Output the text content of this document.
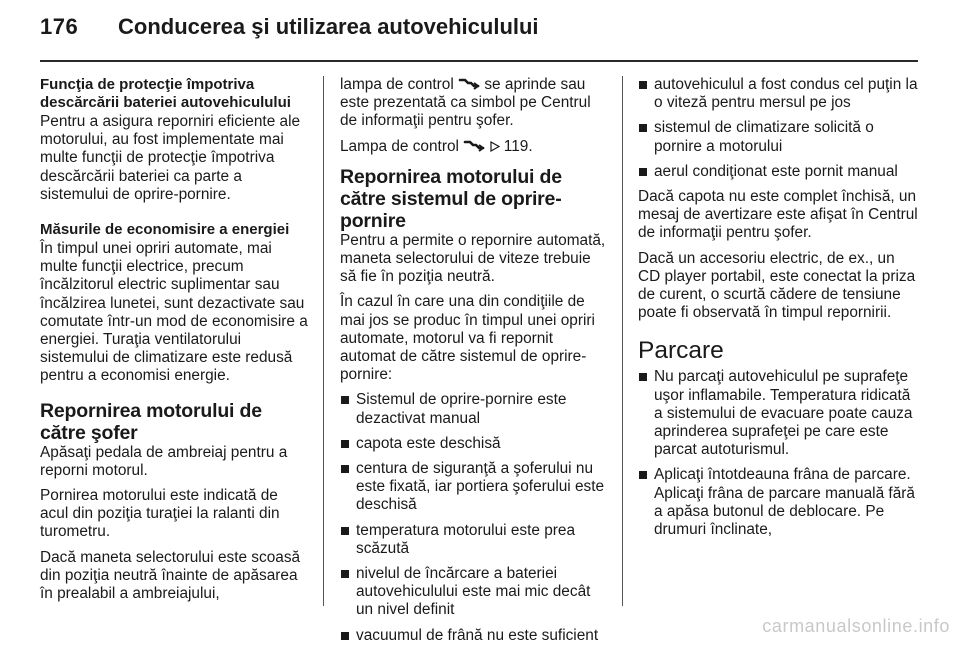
176 Conducerea şi utilizarea autovehiculului
Funcţia de protecţie împotriva descărcării bateriei autovehiculului

Pentru a asigura reporniri eficiente ale motorului, au fost implementate mai multe funcţii de protecţie împotriva descărcării bateriei ca parte a sistemului de oprire-pornire.

Măsurile de economisire a energiei

În timpul unei opriri automate, mai multe funcţii electrice, precum încălzitorul electric suplimentar sau încălzirea lunetei, sunt dezactivate sau comutate într-un mod de economisire a energiei. Turaţia ventilatorului sistemului de climatizare este redusă pentru a economisi energie.

Repornirea motorului de către şofer

Apăsaţi pedala de ambreiaj pentru a reporni motorul.

Pornirea motorului este indicată de acul din poziţia turaţiei la ralanti din turometru.

Dacă maneta selectorului este scoasă din poziţia neutră înainte de apăsarea în prealabil a ambreiajului,

lampa de control se aprinde sau este prezentată ca simbol pe Centrul de informaţii pentru şofer.

Lampa de control	119.

Repornirea motorului de către sistemul de oprire-pornire

Pentru a permite o repornire automată, maneta selectorului de viteze trebuie să fie în poziţia neutră.

În cazul în care una din condiţiile de mai jos se produc în timpul unei opriri automate, motorul va fi repornit automat de către sistemul de oprire-pornire:

Sistemul de oprire-pornire este dezactivat manual
capota este deschisă
centura de siguranţă a şoferului nu este fixată, iar portiera şoferului este deschisă
temperatura motorului este prea scăzută
nivelul de încărcare a bateriei autovehiculului este mai mic decât un nivel definit
vacuumul de frână nu este suficient
autovehiculul a fost condus cel puţin la o viteză pentru mersul pe jos
sistemul de climatizare solicită o pornire a motorului
aerul condiţionat este pornit manual

Dacă capota nu este complet închisă, un mesaj de avertizare este afişat în Centrul de informaţii pentru şofer.

Dacă un accesoriu electric, de ex., un CD player portabil, este conectat la priza de curent, o scurtă cădere de tensiune poate fi observată în timpul repornirii.

Parcare
Nu parcaţi autovehiculul pe suprafeţe uşor inflamabile. Temperatura ridicată a sistemului de evacuare poate cauza aprinderea suprafeţei pe care este parcat autoturismul.
Aplicaţi întotdeauna frâna de parcare. Aplicaţi frâna de parcare manuală fără a apăsa butonul de deblocare. Pe drumuri înclinate,
carmanualsonline.info
